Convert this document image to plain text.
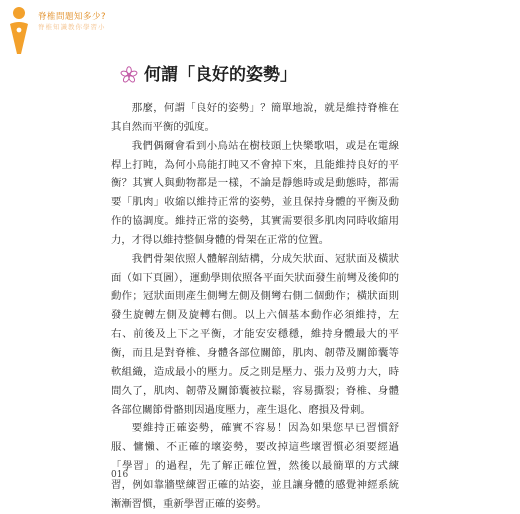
脊椎問題知多少?
脊椎知識教你學習小
何謂「良好的姿勢」

那麼，何謂「良好的姿勢」？簡單地說，就是維持脊椎在其自然而平衡的弧度。

我們偶爾會看到小鳥站在樹枝頭上快樂歌唱，或是在電線桿上打盹，為何小鳥能打盹又不會掉下來，且能維持良好的平衡？其實人與動物都是一樣，不論是靜態時或是動態時，都需要「肌肉」收縮以維持正常的姿勢，並且保持身體的平衡及動作的協調度。維持正常的姿勢，其實需要很多肌肉同時收縮用力，才得以維持整個身體的骨架在正常的位置。

我們骨架依照人體解剖結構，分成矢狀面、冠狀面及橫狀面（如下頁圖），運動學則依照各平面矢狀面發生前彎及後仰的動作；冠狀面則產生側彎左側及側彎右側二個動作；橫狀面則發生旋轉左側及旋轉右側。以上六個基本動作必須維持，左右、前後及上下之平衡，才能安安穩穩，維持身體最大的平衡，而且是對脊椎、身體各部位關節，肌肉、韌帶及關節囊等軟組織，造成最小的壓力。反之則是壓力、張力及剪力大，時間久了，肌肉、韌帶及關節囊被拉鬆，容易撕裂；脊椎、身體各部位關節骨骼則因過度壓力，產生退化、磨損及骨刺。

要維持正確姿勢，確實不容易！因為如果您早已習慣舒服、慵懶、不正確的壞姿勢，要改掉這些壞習慣必須要經過「學習」的過程，先了解正確位置，然後以最簡單的方式練習，例如靠牆壁練習正確的站姿，並且讓身體的感覺神經系統漸漸習慣，重新學習正確的姿勢。

016
